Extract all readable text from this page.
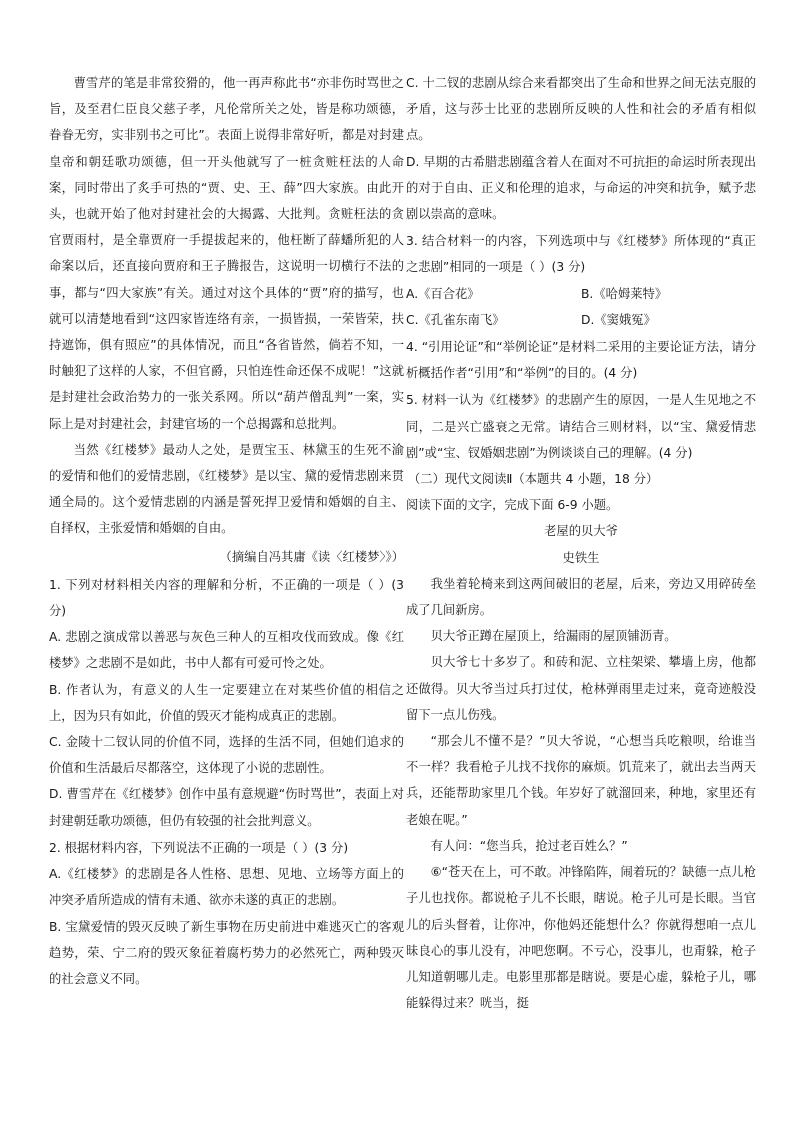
曹雪芹的笔是非常狡猾的，他一再声称此书“亦非伤时骂世之旨，及至君仁臣良父慈子孝，凡伦常所关之处，皆是称功颂德，眷眷无穷，实非别书之可比”。表面上说得非常好听，都是对封建皇帝和朝廷歌功颂德，但一开头他就写了一桩贪赃枉法的人命案，同时带出了炙手可热的“贾、史、王、薛”四大家族。由此开头，也就开始了他对封建社会的大揭露、大批判。贪赃枉法的贪官贾雨村，是全靠贾府一手提拔起来的，他枉断了薛蟠所犯的人命案以后，还直接向贾府和王子腾报告，这说明一切横行不法的事，都与“四大家族”有关。通过对这个具体的“贾”府的描写，也就可以清楚地看到“这四家皆连络有亲，一损皆损，一荣皆荣，扶持遮饰，俱有照应”的具体情况，而且“各省皆然，倘若不知，一时触犯了这样的人家，不但官爵，只怕连性命还保不成呢！”这就是封建社会政治势力的一张关系网。所以“葫芦僧乱判”一案，实际上是对封建社会，封建官场的一个总揭露和总批判。

当然《红楼梦》最动人之处，是贾宝玉、林黛玉的生死不渝的爱情和他们的爱情悲剧，《红楼梦》是以宝、黛的爱情悲剧来贯通全局的。这个爱情悲剧的内涵是誓死捍卫爱情和婚姻的自主、自择权，主张爱情和婚姻的自由。

（摘编自冯其庸《读〈红楼梦〉》）

1. 下列对材料相关内容的理解和分析，不正确的一项是（ ）(3 分)

A. 悲剧之演成常以善恶与灰色三种人的互相攻伐而致成。像《红楼梦》之悲剧不是如此，书中人都有可爱可怜之处。

B. 作者认为，有意义的人生一定要建立在对某些价值的相信之上，因为只有如此，价值的毁灭才能构成真正的悲剧。

C. 金陵十二钗认同的价值不同，选择的生活不同，但她们追求的价值和生活最后尽都落空，这体现了小说的悲剧性。

D. 曹雪芹在《红楼梦》创作中虽有意规避“伤时骂世”，表面上对封建朝廷歌功颂德，但仍有较强的社会批判意义。

2. 根据材料内容，下列说法不正确的一项是（ ）(3 分)

A.《红楼梦》的悲剧是各人性格、思想、见地、立场等方面上的冲突矛盾所造成的情有未通、欲亦未遂的真正的悲剧。

B. 宝黛爱情的毁灭反映了新生事物在历史前进中难逃灭亡的客观趋势，荣、宁二府的毁灭象征着腐朽势力的必然死亡，两种毁灭的社会意义不同。

C. 十二钗的悲剧从综合来看都突出了生命和世界之间无法克服的矛盾，这与莎士比亚的悲剧所反映的人性和社会的矛盾有相似点。

D. 早期的古希腊悲剧蕴含着人在面对不可抗拒的命运时所表现出的对于自由、正义和伦理的追求，与命运的冲突和抗争，赋予悲剧以崇高的意味。

3. 结合材料一的内容，下列选项中与《红楼梦》所体现的“真正之悲剧”相同的一项是（ ）(3 分)

A.《百合花》	B.《哈姆莱特》

C.《孔雀东南飞》	D.《窦娥冤》

4. “引用论证”和“举例论证”是材料二采用的主要论证方法，请分析概括作者“引用”和“举例”的目的。(4 分)

5. 材料一认为《红楼梦》的悲剧产生的原因，一是人生见地之不同，二是兴亡盛衰之无常。请结合三则材料，以“宝、黛爱情悲剧”或“宝、钗婚姻悲剧”为例谈谈自己的理解。(4 分)

（二）现代文阅读Ⅱ（本题共 4 小题，18 分）

阅读下面的文字，完成下面 6-9 小题。

老屋的贝大爷

史铁生

我坐着轮椅来到这两间破旧的老屋，后来，旁边又用碎砖垒成了几间新房。

贝大爷正蹲在屋顶上，给漏雨的屋顶铺沥青。

贝大爷七十多岁了。和砖和泥、立柱架梁、攀墙上房，他都还做得。贝大爷当过兵打过仗，枪林弹雨里走过来，竟奇迹般没留下一点儿伤残。

“那会儿不懂不是？”贝大爷说，“心想当兵吃粮呗，给谁当不一样？我看枪子儿找不找你的麻烦。饥荒来了，就出去当两天兵，还能帮助家里几个钱。年岁好了就溜回来，种地，家里还有老娘在呢。”

有人问：“您当兵，抢过老百姓么？”

⑥“苍天在上，可不敢。冲锋陷阵，闹着玩的？缺德一点儿枪子儿也找你。都说枪子儿不长眼，瞎说。枪子儿可是长眼。当官儿的后头督着，让你冲，你他妈还能想什么？你就得想咱一点儿昧良心的事儿没有，冲吧您啊。不亏心，没事儿，也甭躲，枪子儿知道朝哪儿走。电影里那都是瞎说。要是心虚，躲枪子儿，哪能躲得过来？咣当，挺
